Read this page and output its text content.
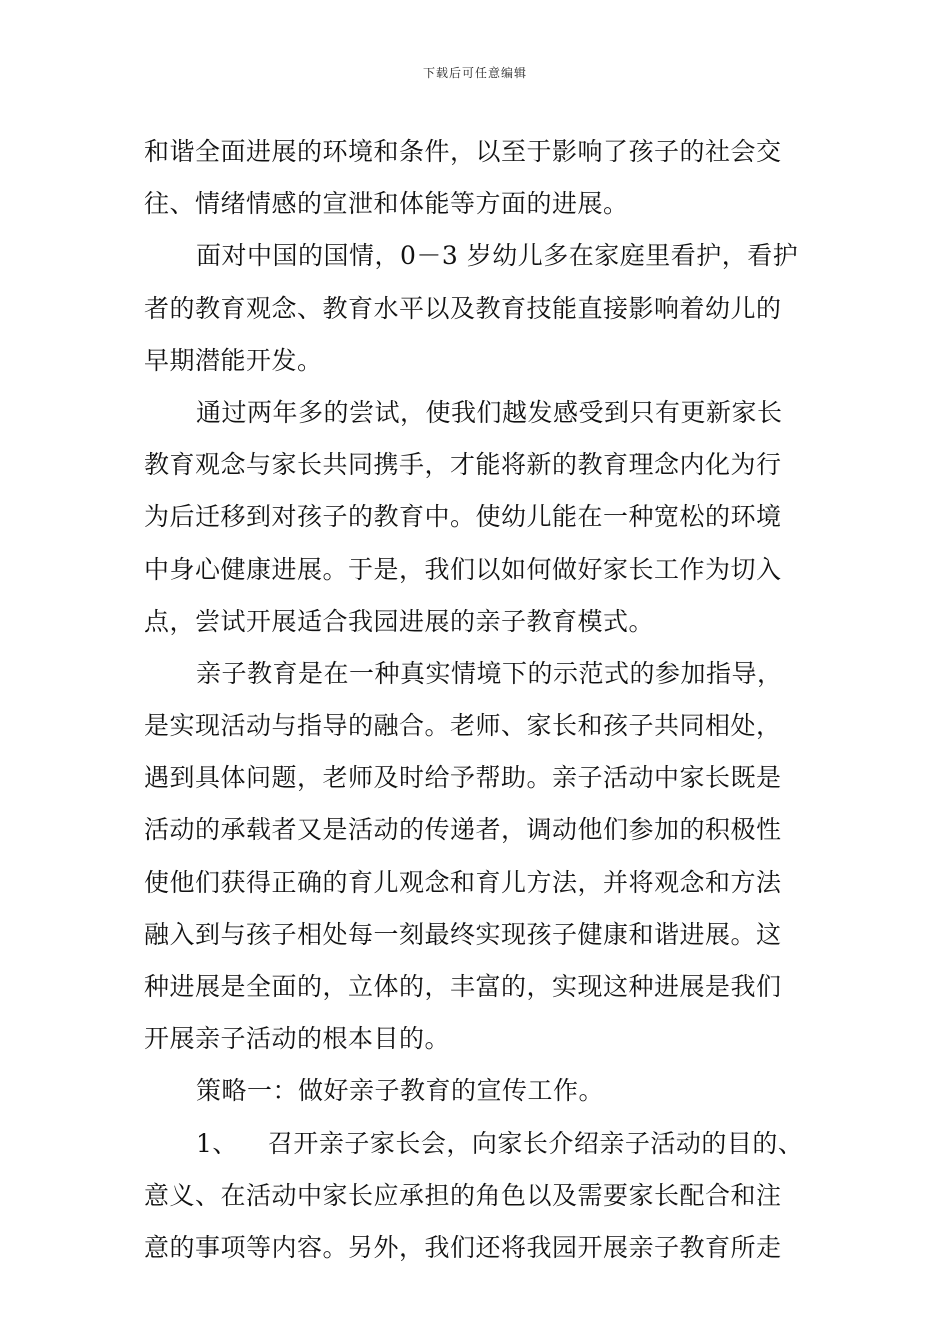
下载后可任意编辑
和谐全面进展的环境和条件，以至于影响了孩子的社会交
往、情绪情感的宣泄和体能等方面的进展。
面对中国的国情，0－3 岁幼儿多在家庭里看护，看护
者的教育观念、教育水平以及教育技能直接影响着幼儿的
早期潜能开发。
通过两年多的尝试，使我们越发感受到只有更新家长
教育观念与家长共同携手，才能将新的教育理念内化为行
为后迁移到对孩子的教育中。使幼儿能在一种宽松的环境
中身心健康进展。于是，我们以如何做好家长工作为切入
点，尝试开展适合我园进展的亲子教育模式。
亲子教育是在一种真实情境下的示范式的参加指导，
是实现活动与指导的融合。老师、家长和孩子共同相处，
遇到具体问题，老师及时给予帮助。亲子活动中家长既是
活动的承载者又是活动的传递者，调动他们参加的积极性
使他们获得正确的育儿观念和育儿方法，并将观念和方法
融入到与孩子相处每一刻最终实现孩子健康和谐进展。这
种进展是全面的，立体的，丰富的，实现这种进展是我们
开展亲子活动的根本目的。
策略一：做好亲子教育的宣传工作。
1、 召开亲子家长会，向家长介绍亲子活动的目的、
意义、在活动中家长应承担的角色以及需要家长配合和注
意的事项等内容。另外，我们还将我园开展亲子教育所走
